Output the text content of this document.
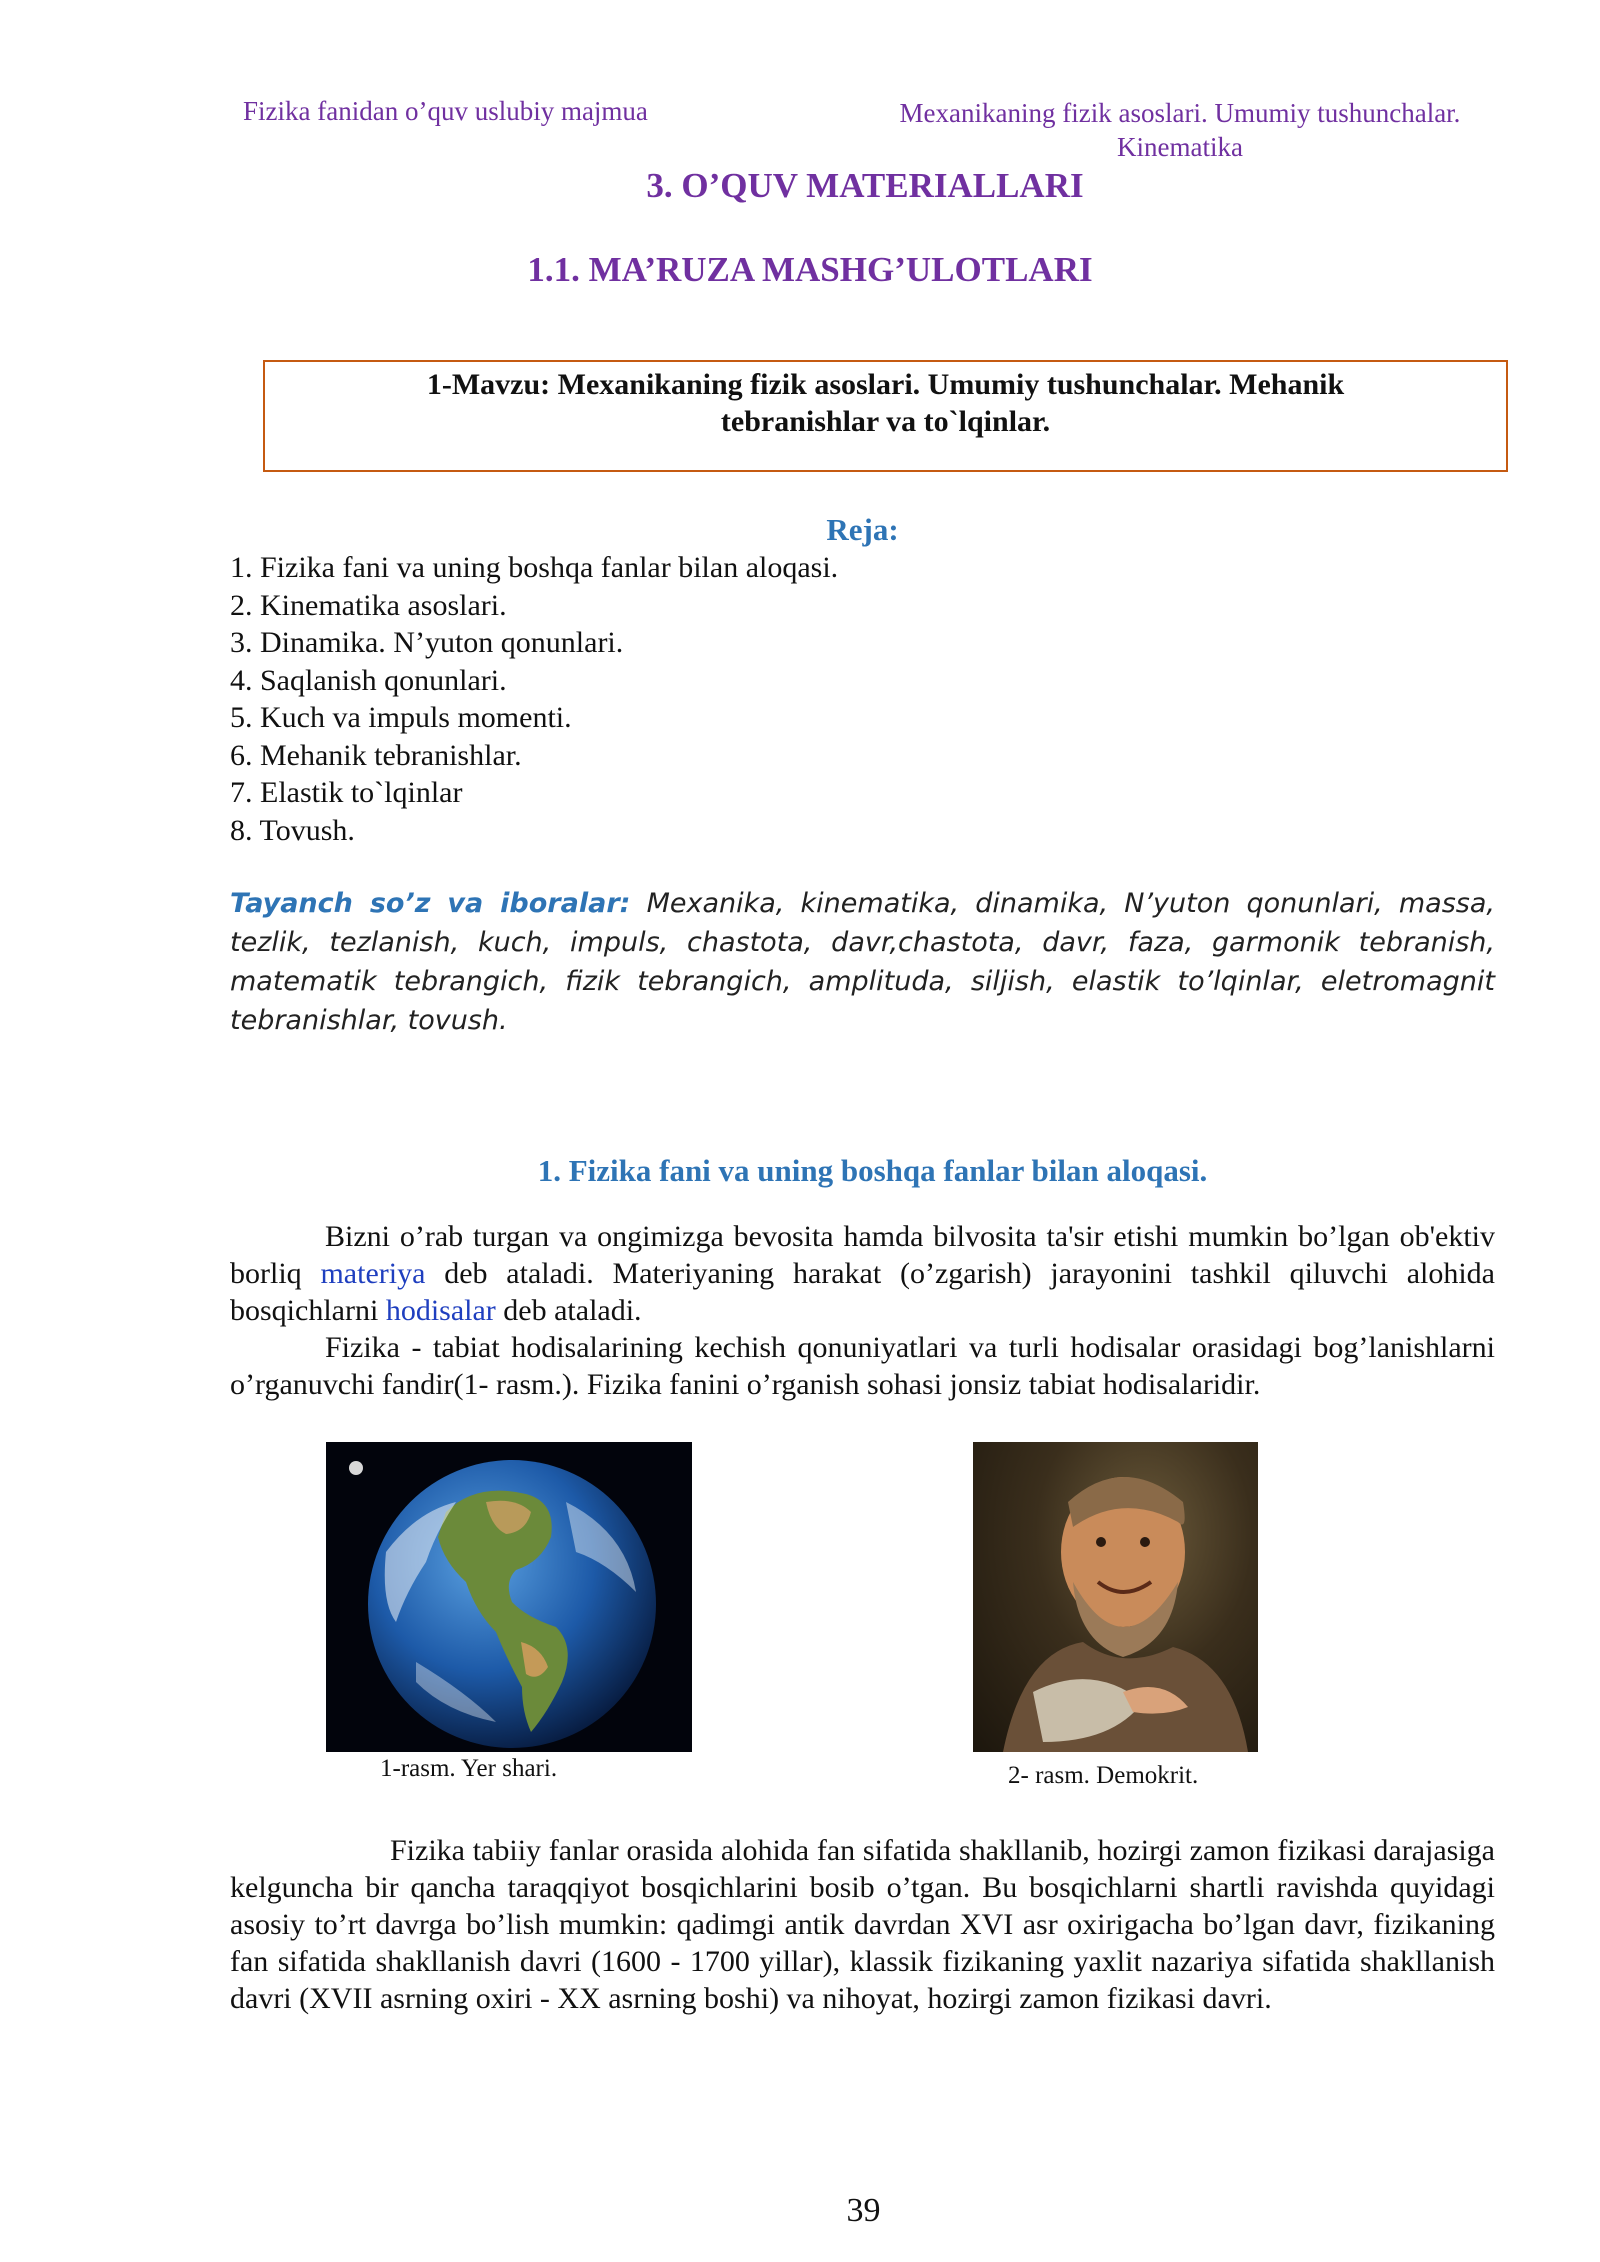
Fizika fanidan o’quv uslubiy majmua	Mexanikaning fizik asoslari. Umumiy tushunchalar.
Kinematika
3. O’QUV MATERIALLARI
1.1. MA’RUZA MASHG’ULOTLARI
1-Mavzu: Mexanikaning fizik asoslari. Umumiy tushunchalar. Mehanik
tebranishlar va to`lqinlar.
Reja:
1. Fizika fani va uning boshqa fanlar bilan aloqasi.
2. Kinematika asoslari.
3. Dinamika. N’yuton qonunlari.
4. Saqlanish qonunlari.
5. Kuch va impuls momenti.
6. Mehanik tebranishlar.
7. Elastik to`lqinlar
8. Tovush.
Tayanch so’z va iboralar: Mexanika, kinematika, dinamika, N’yuton qonunlari, massa, tezlik, tezlanish, kuch, impuls, chastota, davr,chastota, davr, faza, garmonik tebranish, matematik tebrangich, fizik tebrangich, amplituda, siljish, elastik to’lqinlar, eletromagnit tebranishlar, tovush.
1. Fizika fani va uning boshqa fanlar bilan aloqasi.
Bizni o’rab turgan va ongimizga bevosita hamda bilvosita ta'sir etishi mumkin bo’lgan ob'ektiv borliq materiya deb ataladi. Materiyaning harakat (o’zgarish) jarayonini tashkil qiluvchi alohida bosqichlarni hodisalar deb ataladi.
Fizika - tabiat hodisalarining kechish qonuniyatlari va turli hodisalar orasidagi bog’lanishlarni o’rganuvchi fandir(1- rasm.). Fizika fanini o’rganish sohasi jonsiz tabiat hodisalaridir.
1-rasm. Yer shari.	2- rasm. Demokrit.
Fizika tabiiy fanlar orasida alohida fan sifatida shakllanib, hozirgi zamon fizikasi darajasiga kelguncha bir qancha taraqqiyot bosqichlarini bosib o’tgan. Bu bosqichlarni shartli ravishda quyidagi asosiy to’rt davrga bo’lish mumkin: qadimgi antik davrdan XVI asr oxirigacha bo’lgan davr, fizikaning fan sifatida shakllanish davri (1600 - 1700 yillar), klassik fizikaning yaxlit nazariya sifatida shakllanish davri (XVII asrning oxiri - XX asrning boshi) va nihoyat, hozirgi zamon fizikasi davri.
39
